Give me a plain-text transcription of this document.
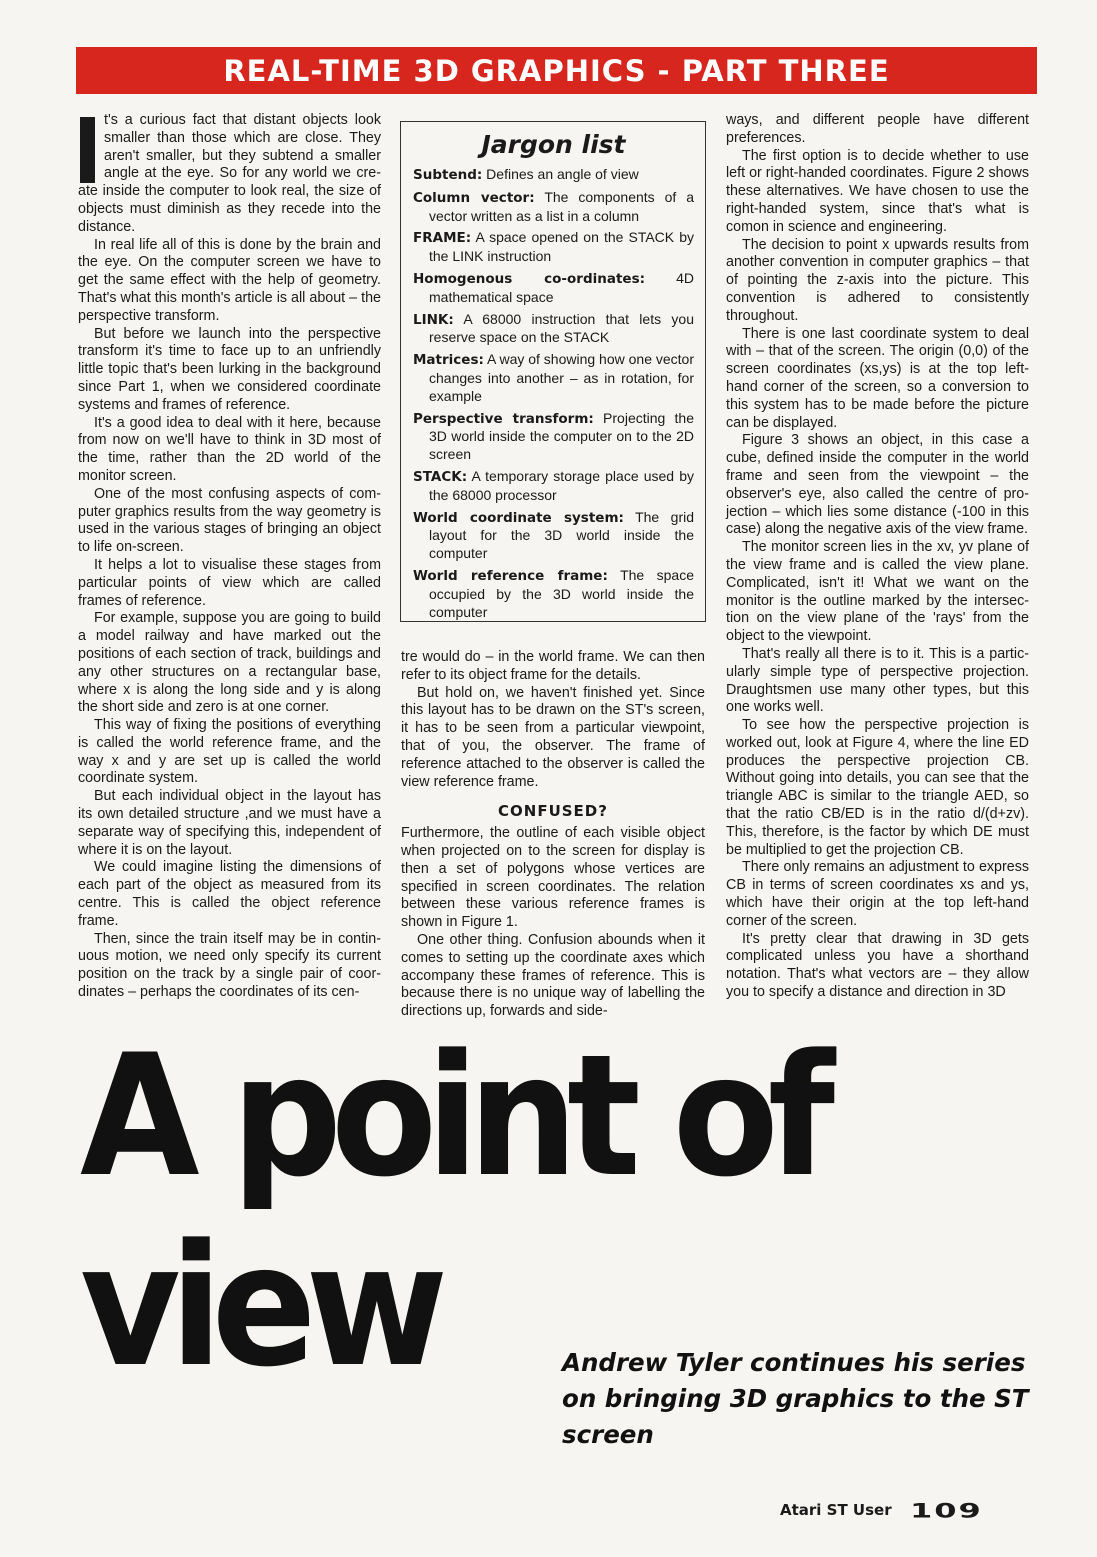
REAL-TIME 3D GRAPHICS - PART THREE

t's a curious fact that distant objects look smaller than those which are close. They aren't smaller, but they subtend a smaller angle at the eye. So for any world we create inside the computer to look real, the size of objects must diminish as they recede into the distance.

In real life all of this is done by the brain and the eye. On the computer screen we have to get the same effect with the help of geometry. That's what this month's article is all about – the perspective transform.

But before we launch into the perspective transform it's time to face up to an unfriendly little topic that's been lurking in the background since Part 1, when we considered coordinate systems and frames of reference.

It's a good idea to deal with it here, because from now on we'll have to think in 3D most of the time, rather than the 2D world of the monitor screen.

One of the most confusing aspects of computer graphics results from the way geometry is used in the various stages of bringing an object to life on-screen.

It helps a lot to visualise these stages from particular points of view which are called frames of reference.

For example, suppose you are going to build a model railway and have marked out the positions of each section of track, buildings and any other structures on a rectangular base, where x is along the long side and y is along the short side and zero is at one corner.

This way of fixing the positions of everything is called the world reference frame, and the way x and y are set up is called the world coordinate system.

But each individual object in the layout has its own detailed structure ,and we must have a separate way of specifying this, independent of where it is on the layout.

We could imagine listing the dimensions of each part of the object as measured from its centre. This is called the object reference frame.

Then, since the train itself may be in continuous motion, we need only specify its current position on the track by a single pair of coordinates – perhaps the coordinates of its cen-

Jargon list
Subtend: Defines an angle of view
Column vector: The components of a vector written as a list in a column
FRAME: A space opened on the STACK by the LINK instruction
Homogenous co-ordinates: 4D mathematical space
LINK: A 68000 instruction that lets you reserve space on the STACK
Matrices: A way of showing how one vector changes into another – as in rotation, for example
Perspective transform: Projecting the 3D world inside the computer on to the 2D screen
STACK: A temporary storage place used by the 68000 processor
World coordinate system: The grid layout for the 3D world inside the computer
World reference frame: The space occupied by the 3D world inside the computer

tre would do – in the world frame. We can then refer to its object frame for the details.

But hold on, we haven't finished yet. Since this layout has to be drawn on the ST's screen, it has to be seen from a particular viewpoint, that of you, the observer. The frame of reference attached to the observer is called the view reference frame.

CONFUSED?

Furthermore, the outline of each visible object when projected on to the screen for display is then a set of polygons whose vertices are specified in screen coordinates. The relation between these various reference frames is shown in Figure 1.

One other thing. Confusion abounds when it comes to setting up the coordinate axes which accompany these frames of reference. This is because there is no unique way of labelling the directions up, forwards and side-

ways, and different people have different preferences.

The first option is to decide whether to use left or right-handed coordinates. Figure 2 shows these alternatives. We have chosen to use the right-handed system, since that's what is comon in science and engineering.

The decision to point x upwards results from another convention in computer graphics – that of pointing the z-axis into the picture. This convention is adhered to consistently throughout.

There is one last coordinate system to deal with – that of the screen. The origin (0,0) of the screen coordinates (xs,ys) is at the top left-hand corner of the screen, so a conversion to this system has to be made before the picture can be displayed.

Figure 3 shows an object, in this case a cube, defined inside the computer in the world frame and seen from the viewpoint – the observer's eye, also called the centre of projection – which lies some distance (-100 in this case) along the negative axis of the view frame.

The monitor screen lies in the xv, yv plane of the view frame and is called the view plane. Complicated, isn't it! What we want on the monitor is the outline marked by the intersection on the view plane of the 'rays' from the object to the viewpoint.

That's really all there is to it. This is a particularly simple type of perspective projection. Draughtsmen use many other types, but this one works well.

To see how the perspective projection is worked out, look at Figure 4, where the line ED produces the perspective projection CB. Without going into details, you can see that the triangle ABC is similar to the triangle AED, so that the ratio CB/ED is in the ratio d/(d+zv). This, therefore, is the factor by which DE must be multiplied to get the projection CB.

There only remains an adjustment to express CB in terms of screen coordinates xs and ys, which have their origin at the top left-hand corner of the screen.

It's pretty clear that drawing in 3D gets complicated unless you have a shorthand notation. That's what vectors are – they allow you to specify a distance and direction in 3D

A point of
view	Andrew Tyler continues his series on bringing 3D graphics to the ST screen
Atari ST User 109
